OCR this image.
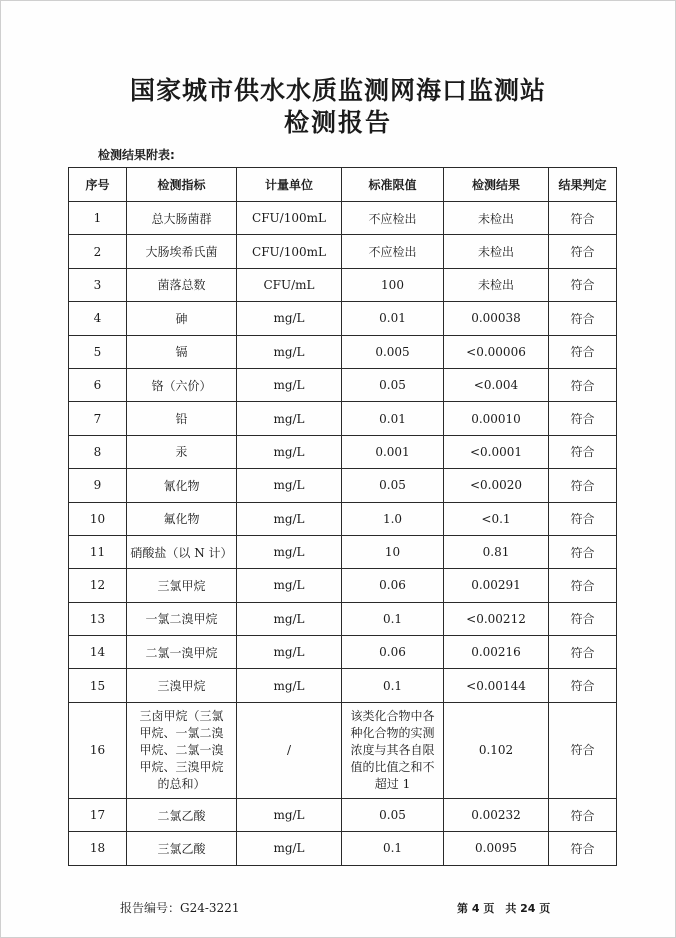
国家城市供水水质监测网海口监测站
检测报告
检测结果附表:
序号	检测指标	计量单位	标准限值	检测结果	结果判定
1	总大肠菌群	CFU/100mL	不应检出	未检出	符合
2	大肠埃希氏菌	CFU/100mL	不应检出	未检出	符合
3	菌落总数	CFU/mL	100	未检出	符合
4	砷	mg/L	0.01	0.00038	符合
5	镉	mg/L	0.005	<0.00006	符合
6	铬（六价）	mg/L	0.05	<0.004	符合
7	铅	mg/L	0.01	0.00010	符合
8	汞	mg/L	0.001	<0.0001	符合
9	氰化物	mg/L	0.05	<0.0020	符合
10	氟化物	mg/L	1.0	<0.1	符合
11	硝酸盐（以 N 计）	mg/L	10	0.81	符合
12	三氯甲烷	mg/L	0.06	0.00291	符合
13	一氯二溴甲烷	mg/L	0.1	<0.00212	符合
14	二氯一溴甲烷	mg/L	0.06	0.00216	符合
15	三溴甲烷	mg/L	0.1	<0.00144	符合
16	三卤甲烷（三氯甲烷、一氯二溴甲烷、二氯一溴甲烷、三溴甲烷的总和）	/	该类化合物中各种化合物的实测浓度与其各自限值的比值之和不超过 1	0.102	符合
17	二氯乙酸	mg/L	0.05	0.00232	符合
18	三氯乙酸	mg/L	0.1	0.0095	符合
报告编号：G24-3221	第 4 页　共 24 页
